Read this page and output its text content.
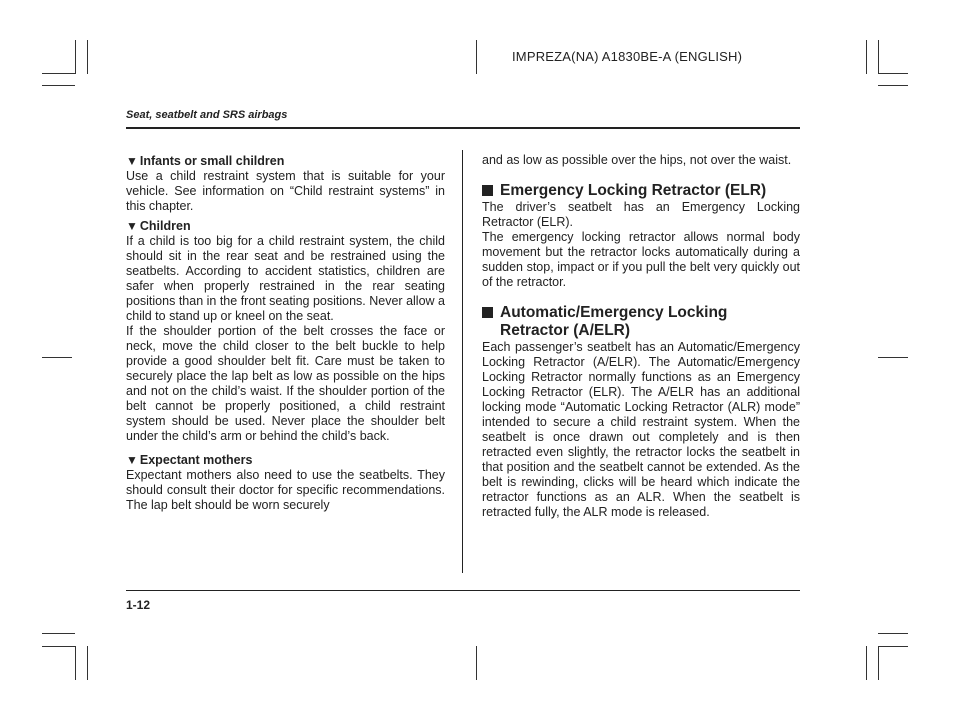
IMPREZA(NA) A1830BE-A (ENGLISH)
Seat, seatbelt and SRS airbags
▼ Infants or small children

Use a child restraint system that is suitable for your vehicle. See information on “Child restraint systems” in this chapter.

▼ Children

If a child is too big for a child restraint system, the child should sit in the rear seat and be restrained using the seatbelts. According to accident statistics, children are safer when properly restrained in the rear seating positions than in the front seating positions. Never allow a child to stand up or kneel on the seat.

If the shoulder portion of the belt crosses the face or neck, move the child closer to the belt buckle to help provide a good shoulder belt fit. Care must be taken to securely place the lap belt as low as possible on the hips and not on the child’s waist. If the shoulder portion of the belt cannot be properly positioned, a child restraint system should be used. Never place the shoulder belt under the child’s arm or behind the child’s back.

▼ Expectant mothers

Expectant mothers also need to use the seatbelts. They should consult their doctor for specific recommendations. The lap belt should be worn securely

and as low as possible over the hips, not over the waist.

Emergency Locking Retractor (ELR)

The driver’s seatbelt has an Emergency Locking Retractor (ELR).

The emergency locking retractor allows normal body movement but the retractor locks automatically during a sudden stop, impact or if you pull the belt very quickly out of the retractor.

Automatic/Emergency Locking Retractor (A/ELR)

Each passenger’s seatbelt has an Automatic/Emergency Locking Retractor (A/ELR). The Automatic/Emergency Locking Retractor normally functions as an Emergency Locking Retractor (ELR). The A/ELR has an additional locking mode “Automatic Locking Retractor (ALR) mode” intended to secure a child restraint system. When the seatbelt is once drawn out completely and is then retracted even slightly, the retractor locks the seatbelt in that position and the seatbelt cannot be extended. As the belt is rewinding, clicks will be heard which indicate the retractor functions as an ALR. When the seatbelt is retracted fully, the ALR mode is released.

1-12
